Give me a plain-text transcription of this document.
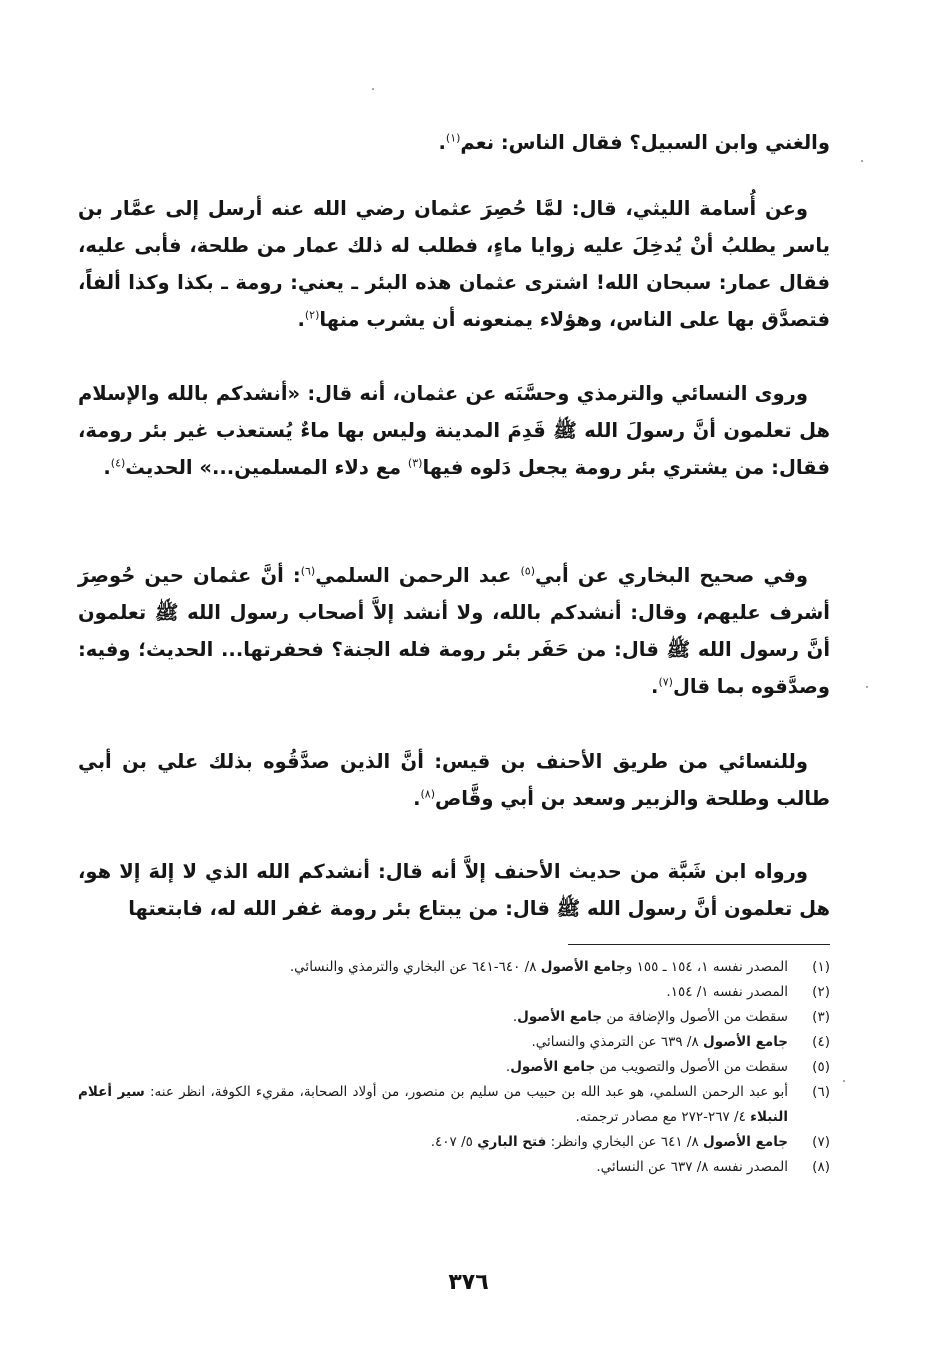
والغني وابن السبيل؟ فقال الناس: نعم$^{(١)}$.

وعن أُسامة الليثي، قال: لمَّا حُصِرَ عثمان رضي الله عنه أرسل إلى عمَّار بن ياسر يطلبُ أنْ يُدخِلَ عليه زوايا ماءٍ، فطلب له ذلك عمار من طلحة، فأبى عليه، فقال عمار: سبحان الله! اشترى عثمان هذه البئر ـ يعني: رومة ـ بكذا وكذا ألفاً، فتصدَّق بها على الناس، وهؤلاء يمنعونه أن يشرب منها$^{(٢)}$.

وروى النسائي والترمذي وحسَّنَه عن عثمان، أنه قال: «أنشدكم بالله والإسلام هل تعلمون أنَّ رسولَ الله ﷺ قَدِمَ المدينة وليس بها ماءٌ يُستعذب غير بئر رومة، فقال: من يشتري بئر رومة يجعل دَلوه فيها$^{(٣)}$ مع دلاء المسلمين...» الحديث$^{(٤)}$.

وفي صحيح البخاري عن أبي$^{(٥)}$ عبد الرحمن السلمي$^{(٦)}$: أنَّ عثمان حين حُوصِرَ أشرف عليهم، وقال: أنشدكم بالله، ولا أنشد إلاَّ أصحاب رسول الله ﷺ تعلمون أنَّ رسول الله ﷺ قال: من حَفَر بئر رومة فله الجنة؟ فحفرتها... الحديث؛ وفيه: وصدَّقوه بما قال$^{(٧)}$.

وللنسائي من طريق الأحنف بن قيس: أنَّ الذين صدَّقُوه بذلك علي بن أبي طالب وطلحة والزبير وسعد بن أبي وقَّاص$^{(٨)}$.

ورواه ابن شَبَّة من حديث الأحنف إلاَّ أنه قال: أنشدكم الله الذي لا إلهَ إلا هو، هل تعلمون أنَّ رسول الله ﷺ قال: من يبتاع بئر رومة غفر الله له، فابتعتها

(١)
المصدر نفسه ١، ١٥٤ ـ ١٥٥ وجامع الأصول ٨/ ٦٤٠-٦٤١ عن البخاري والترمذي والنسائي.
(٢)
المصدر نفسه ١/ ١٥٤.
(٣)
سقطت من الأصول والإضافة من جامع الأصول.
(٤)
جامع الأصول ٨/ ٦٣٩ عن الترمذي والنسائي.
(٥)
سقطت من الأصول والتصويب من جامع الأصول.
(٦)
أبو عبد الرحمن السلمي، هو عبد الله بن حبيب من سليم بن منصور، من أولاد الصحابة، مقريء الكوفة، انظر عنه: سير أعلام النبلاء ٤/ ٢٦٧-٢٧٢ مع مصادر ترجمته.
(٧)
جامع الأصول ٨/ ٦٤١ عن البخاري وانظر: فتح الباري ٥/ ٤٠٧.
(٨)
المصدر نفسه ٨/ ٦٣٧ عن النسائي.
٣٧٦
